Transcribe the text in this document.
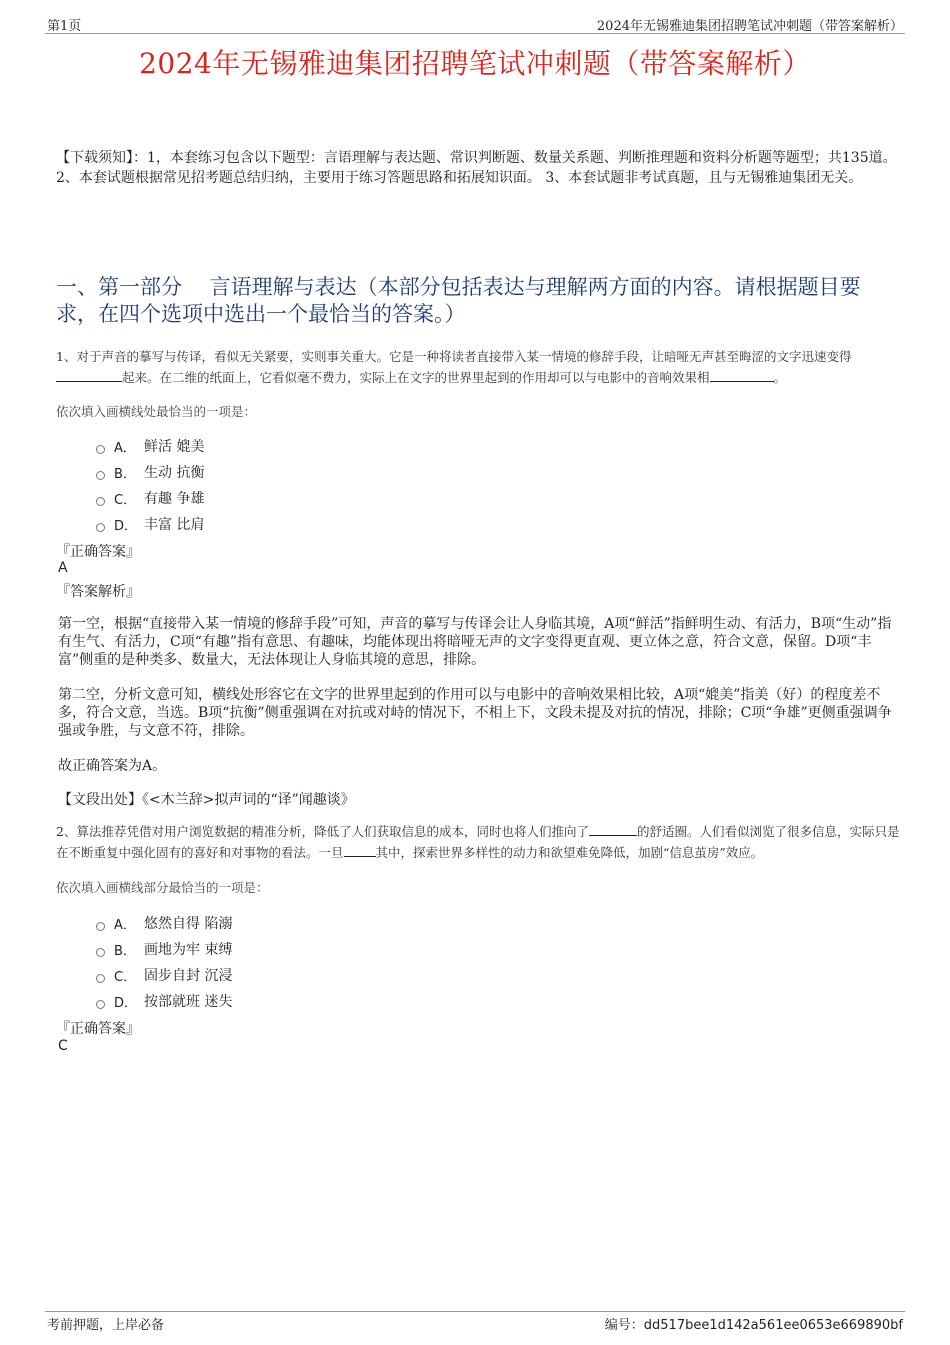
第1页	2024年无锡雅迪集团招聘笔试冲刺题（带答案解析）
2024年无锡雅迪集团招聘笔试冲刺题（带答案解析）
【下载须知】：1，本套练习包含以下题型：言语理解与表达题、常识判断题、数量关系题、判断推理题和资料分析题等题型；共135道。 2、本套试题根据常见招考题总结归纳，主要用于练习答题思路和拓展知识面。 3、本套试题非考试真题，且与无锡雅迪集团无关。
一、第一部分　 言语理解与表达（本部分包括表达与理解两方面的内容。请根据题目要求，在四个选项中选出一个最恰当的答案。）
1、对于声音的摹写与传译，看似无关紧要，实则事关重大。它是一种将读者直接带入某一情境的修辞手段，让暗哑无声甚至晦涩的文字迅速变得起来。在二维的纸面上，它看似毫不费力，实际上在文字的世界里起到的作用却可以与电影中的音响效果相	。
依次填入画横线处最恰当的一项是：
A． 鲜活 媲美
B． 生动 抗衡
C． 有趣 争雄
D． 丰富 比肩
『正确答案』
A
『答案解析』
第一空，根据“直接带入某一情境的修辞手段”可知，声音的摹写与传译会让人身临其境，A项“鲜活”指鲜明生动、有活力，B项“生动”指有生气、有活力，C项“有趣”指有意思、有趣味，均能体现出将暗哑无声的文字变得更直观、更立体之意，符合文意，保留。D项“丰富”侧重的是种类多、数量大，无法体现让人身临其境的意思，排除。
第二空，分析文意可知，横线处形容它在文字的世界里起到的作用可以与电影中的音响效果相比较，A项“媲美”指美（好）的程度差不多，符合文意，当选。B项“抗衡”侧重强调在对抗或对峙的情况下，不相上下，文段未提及对抗的情况，排除；C项“争雄”更侧重强调争强或争胜，与文意不符，排除。
故正确答案为A。
【文段出处】《<木兰辞>拟声词的“译”闻趣谈》
2、算法推荐凭借对用户浏览数据的精准分析，降低了人们获取信息的成本，同时也将人们推向了	的舒适圈。人们看似浏览了很多信息，实际只是在不断重复中强化固有的喜好和对事物的看法。一旦	其中，探索世界多样性的动力和欲望难免降低，加剧“信息茧房”效应。
依次填入画横线部分最恰当的一项是：
A． 悠然自得 陷溺
B． 画地为牢 束缚
C． 固步自封 沉浸
D． 按部就班 迷失
『正确答案』
C
考前押题，上岸必备	编号：dd517bee1d142a561ee0653e669890bf
